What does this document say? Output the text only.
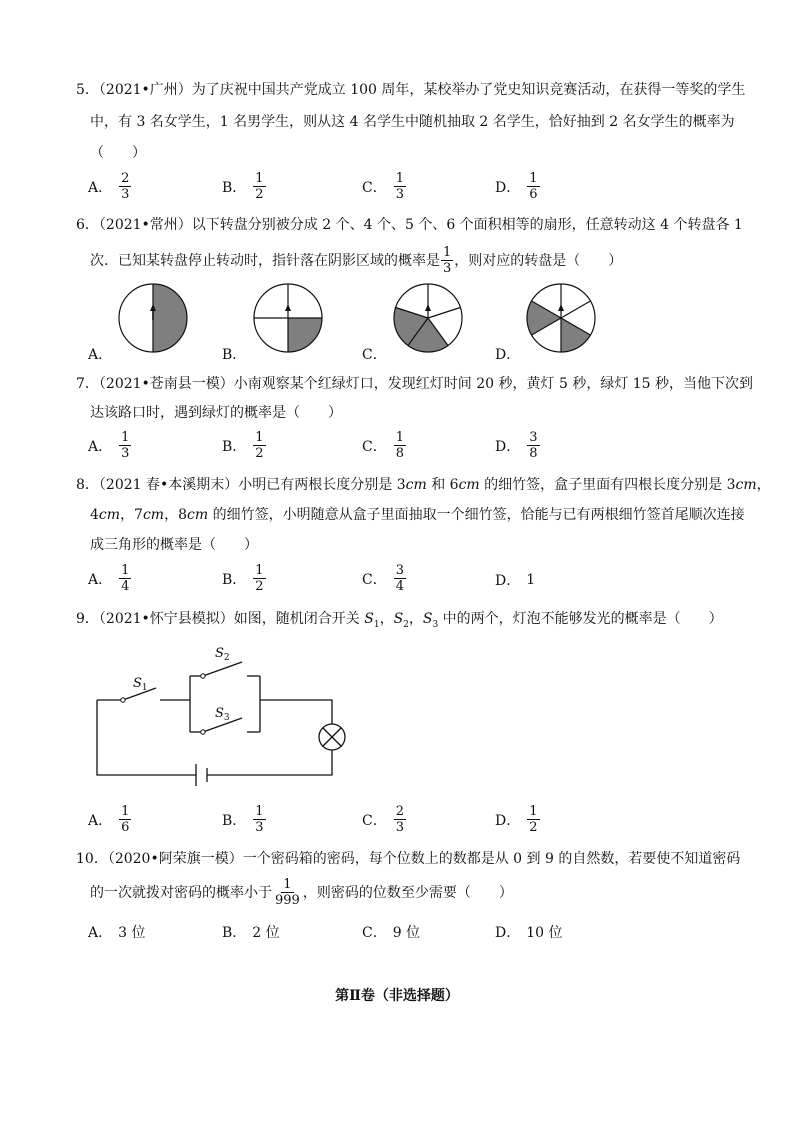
5．（2021•广州）为了庆祝中国共产党成立 100 周年，某校举办了党史知识竞赛活动，在获得一等奖的学生
中，有 3 名女学生，1 名男学生，则从这 4 名学生中随机抽取 2 名学生，恰好抽到 2 名女学生的概率为
（　　）
A． $\frac{2}{3}$	B． $\frac{1}{2}$	C． $\frac{1}{3}$	D． $\frac{1}{6}$
6．（2021•常州）以下转盘分别被分成 2 个、4 个、5 个、6 个面积相等的扇形，任意转动这 4 个转盘各 1
次．已知某转盘停止转动时，指针落在阴影区域的概率是 $\frac{1}{3}$ ，则对应的转盘是（　　）
A．	B．	C．	D．
7．（2021•苍南县一模）小南观察某个红绿灯口，发现红灯时间 20 秒，黄灯 5 秒，绿灯 15 秒，当他下次到
达该路口时，遇到绿灯的概率是（　　）
A． $\frac{1}{3}$	B． $\frac{1}{2}$	C． $\frac{1}{8}$	D． $\frac{3}{8}$
8．（2021 春•本溪期末）小明已有两根长度分别是 3cm 和 6cm 的细竹签，盒子里面有四根长度分别是 3cm，
4cm，7cm，8cm 的细竹签，小明随意从盒子里面抽取一个细竹签，恰能与已有两根细竹签首尾顺次连接
成三角形的概率是（　　）
A． $\frac{1}{4}$	B． $\frac{1}{2}$	C． $\frac{3}{4}$	D． 1
9．（2021•怀宁县模拟）如图，随机闭合开关 $S_1$，$S_2$，$S_3$ 中的两个，灯泡不能够发光的概率是（　　）
$S_1$
$S_2$
$S_3$
A． $\frac{1}{6}$	B． $\frac{1}{3}$	C． $\frac{2}{3}$	D． $\frac{1}{2}$
10．（2020•阿荣旗一模）一个密码箱的密码，每个位数上的数都是从 0 到 9 的自然数，若要使不知道密码
的一次就拨对密码的概率小于 $\frac{1}{999}$ ，则密码的位数至少需要（　　）
A． 3 位	B． 2 位	C． 9 位	D． 10 位
第Ⅱ卷（非选择题）
